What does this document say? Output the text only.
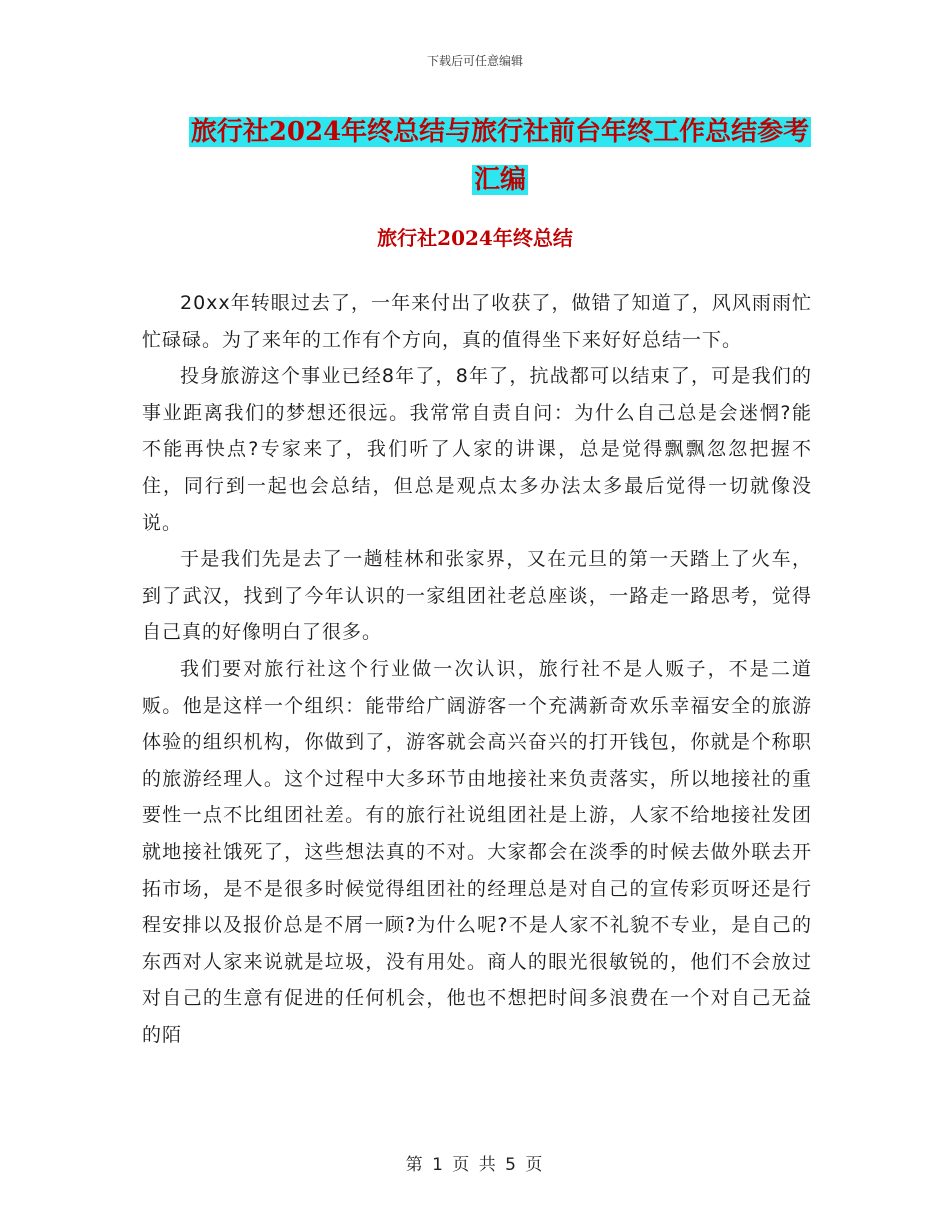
下载后可任意编辑
旅行社2024年终总结与旅行社前台年终工作总结参考
汇编
旅行社2024年终总结

20xx年转眼过去了，一年来付出了收获了，做错了知道了，风风雨雨忙忙碌碌。为了来年的工作有个方向，真的值得坐下来好好总结一下。

投身旅游这个事业已经8年了，8年了，抗战都可以结束了，可是我们的事业距离我们的梦想还很远。我常常自责自问：为什么自己总是会迷惘?能不能再快点?专家来了，我们听了人家的讲课，总是觉得飘飘忽忽把握不住，同行到一起也会总结，但总是观点太多办法太多最后觉得一切就像没说。

于是我们先是去了一趟桂林和张家界，又在元旦的第一天踏上了火车，到了武汉，找到了今年认识的一家组团社老总座谈，一路走一路思考，觉得自己真的好像明白了很多。

我们要对旅行社这个行业做一次认识，旅行社不是人贩子，不是二道贩。他是这样一个组织：能带给广阔游客一个充满新奇欢乐幸福安全的旅游体验的组织机构，你做到了，游客就会高兴奋兴的打开钱包，你就是个称职的旅游经理人。这个过程中大多环节由地接社来负责落实，所以地接社的重要性一点不比组团社差。有的旅行社说组团社是上游，人家不给地接社发团就地接社饿死了，这些想法真的不对。大家都会在淡季的时候去做外联去开拓市场，是不是很多时候觉得组团社的经理总是对自己的宣传彩页呀还是行程安排以及报价总是不屑一顾?为什么呢?不是人家不礼貌不专业，是自己的东西对人家来说就是垃圾，没有用处。商人的眼光很敏锐的，他们不会放过对自己的生意有促进的任何机会，他也不想把时间多浪费在一个对自己无益的陌

第 1 页 共 5 页
